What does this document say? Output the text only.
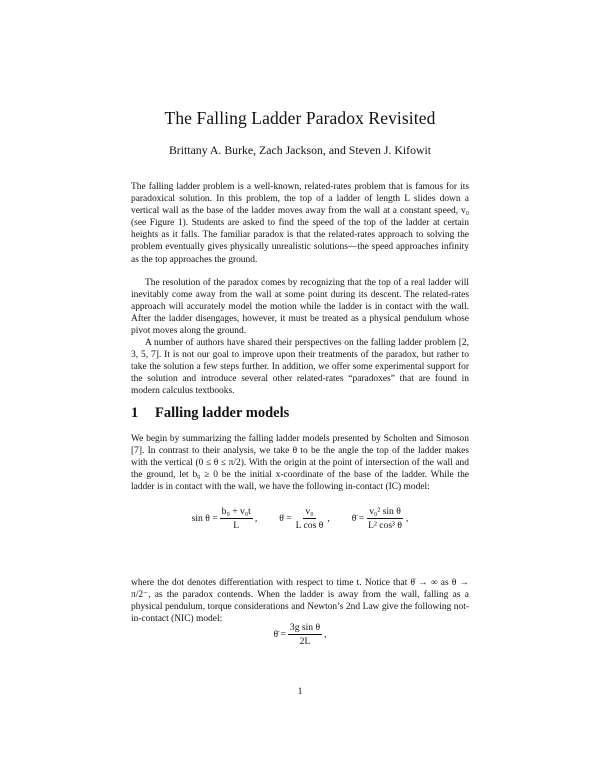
The Falling Ladder Paradox Revisited
Brittany A. Burke, Zach Jackson, and Steven J. Kifowit

The falling ladder problem is a well-known, related-rates problem that is famous for its paradoxical solution. In this problem, the top of a ladder of length L slides down a vertical wall as the base of the ladder moves away from the wall at a constant speed, v₀ (see Figure 1). Students are asked to find the speed of the top of the ladder at certain heights as it falls. The familiar paradox is that the related-rates approach to solving the problem eventually gives physically unrealistic solutions—the speed approaches infinity as the top approaches the ground.

The resolution of the paradox comes by recognizing that the top of a real ladder will inevitably come away from the wall at some point during its descent. The related-rates approach will accurately model the motion while the ladder is in contact with the wall. After the ladder disengages, however, it must be treated as a physical pendulum whose pivot moves along the ground.

A number of authors have shared their perspectives on the falling ladder problem [2, 3, 5, 7]. It is not our goal to improve upon their treatments of the paradox, but rather to take the solution a few steps further. In addition, we offer some experimental support for the solution and introduce several other related-rates “paradoxes” that are found in modern calculus textbooks.

1 Falling ladder models

We begin by summarizing the falling ladder models presented by Scholten and Simoson [7]. In contrast to their analysis, we take θ to be the angle the top of the ladder makes with the vertical (0 ≤ θ ≤ π/2). With the origin at the point of intersection of the wall and the ground, let b₀ ≥ 0 be the initial x-coordinate of the base of the ladder. While the ladder is in contact with the wall, we have the following in-contact (IC) model:

$\sin \theta = \frac{\text{b₀ + v₀t}}{L}$ , θ̇ = $\frac{\text{v₀}}{\text{L cos θ}}$ , θ̈ = $\frac{\text{v₀² sin θ}}{\text{L² cos³ θ}}$ ,

where the dot denotes differentiation with respect to time t. Notice that θ̇ → ∞ as θ → π/2⁻, as the paradox contends. When the ladder is away from the wall, falling as a physical pendulum, torque considerations and Newton’s 2nd Law give the following not-in-contact (NIC) model:

θ̈ = $\frac{\text{3g sin θ}}{2L}$ ,
1
